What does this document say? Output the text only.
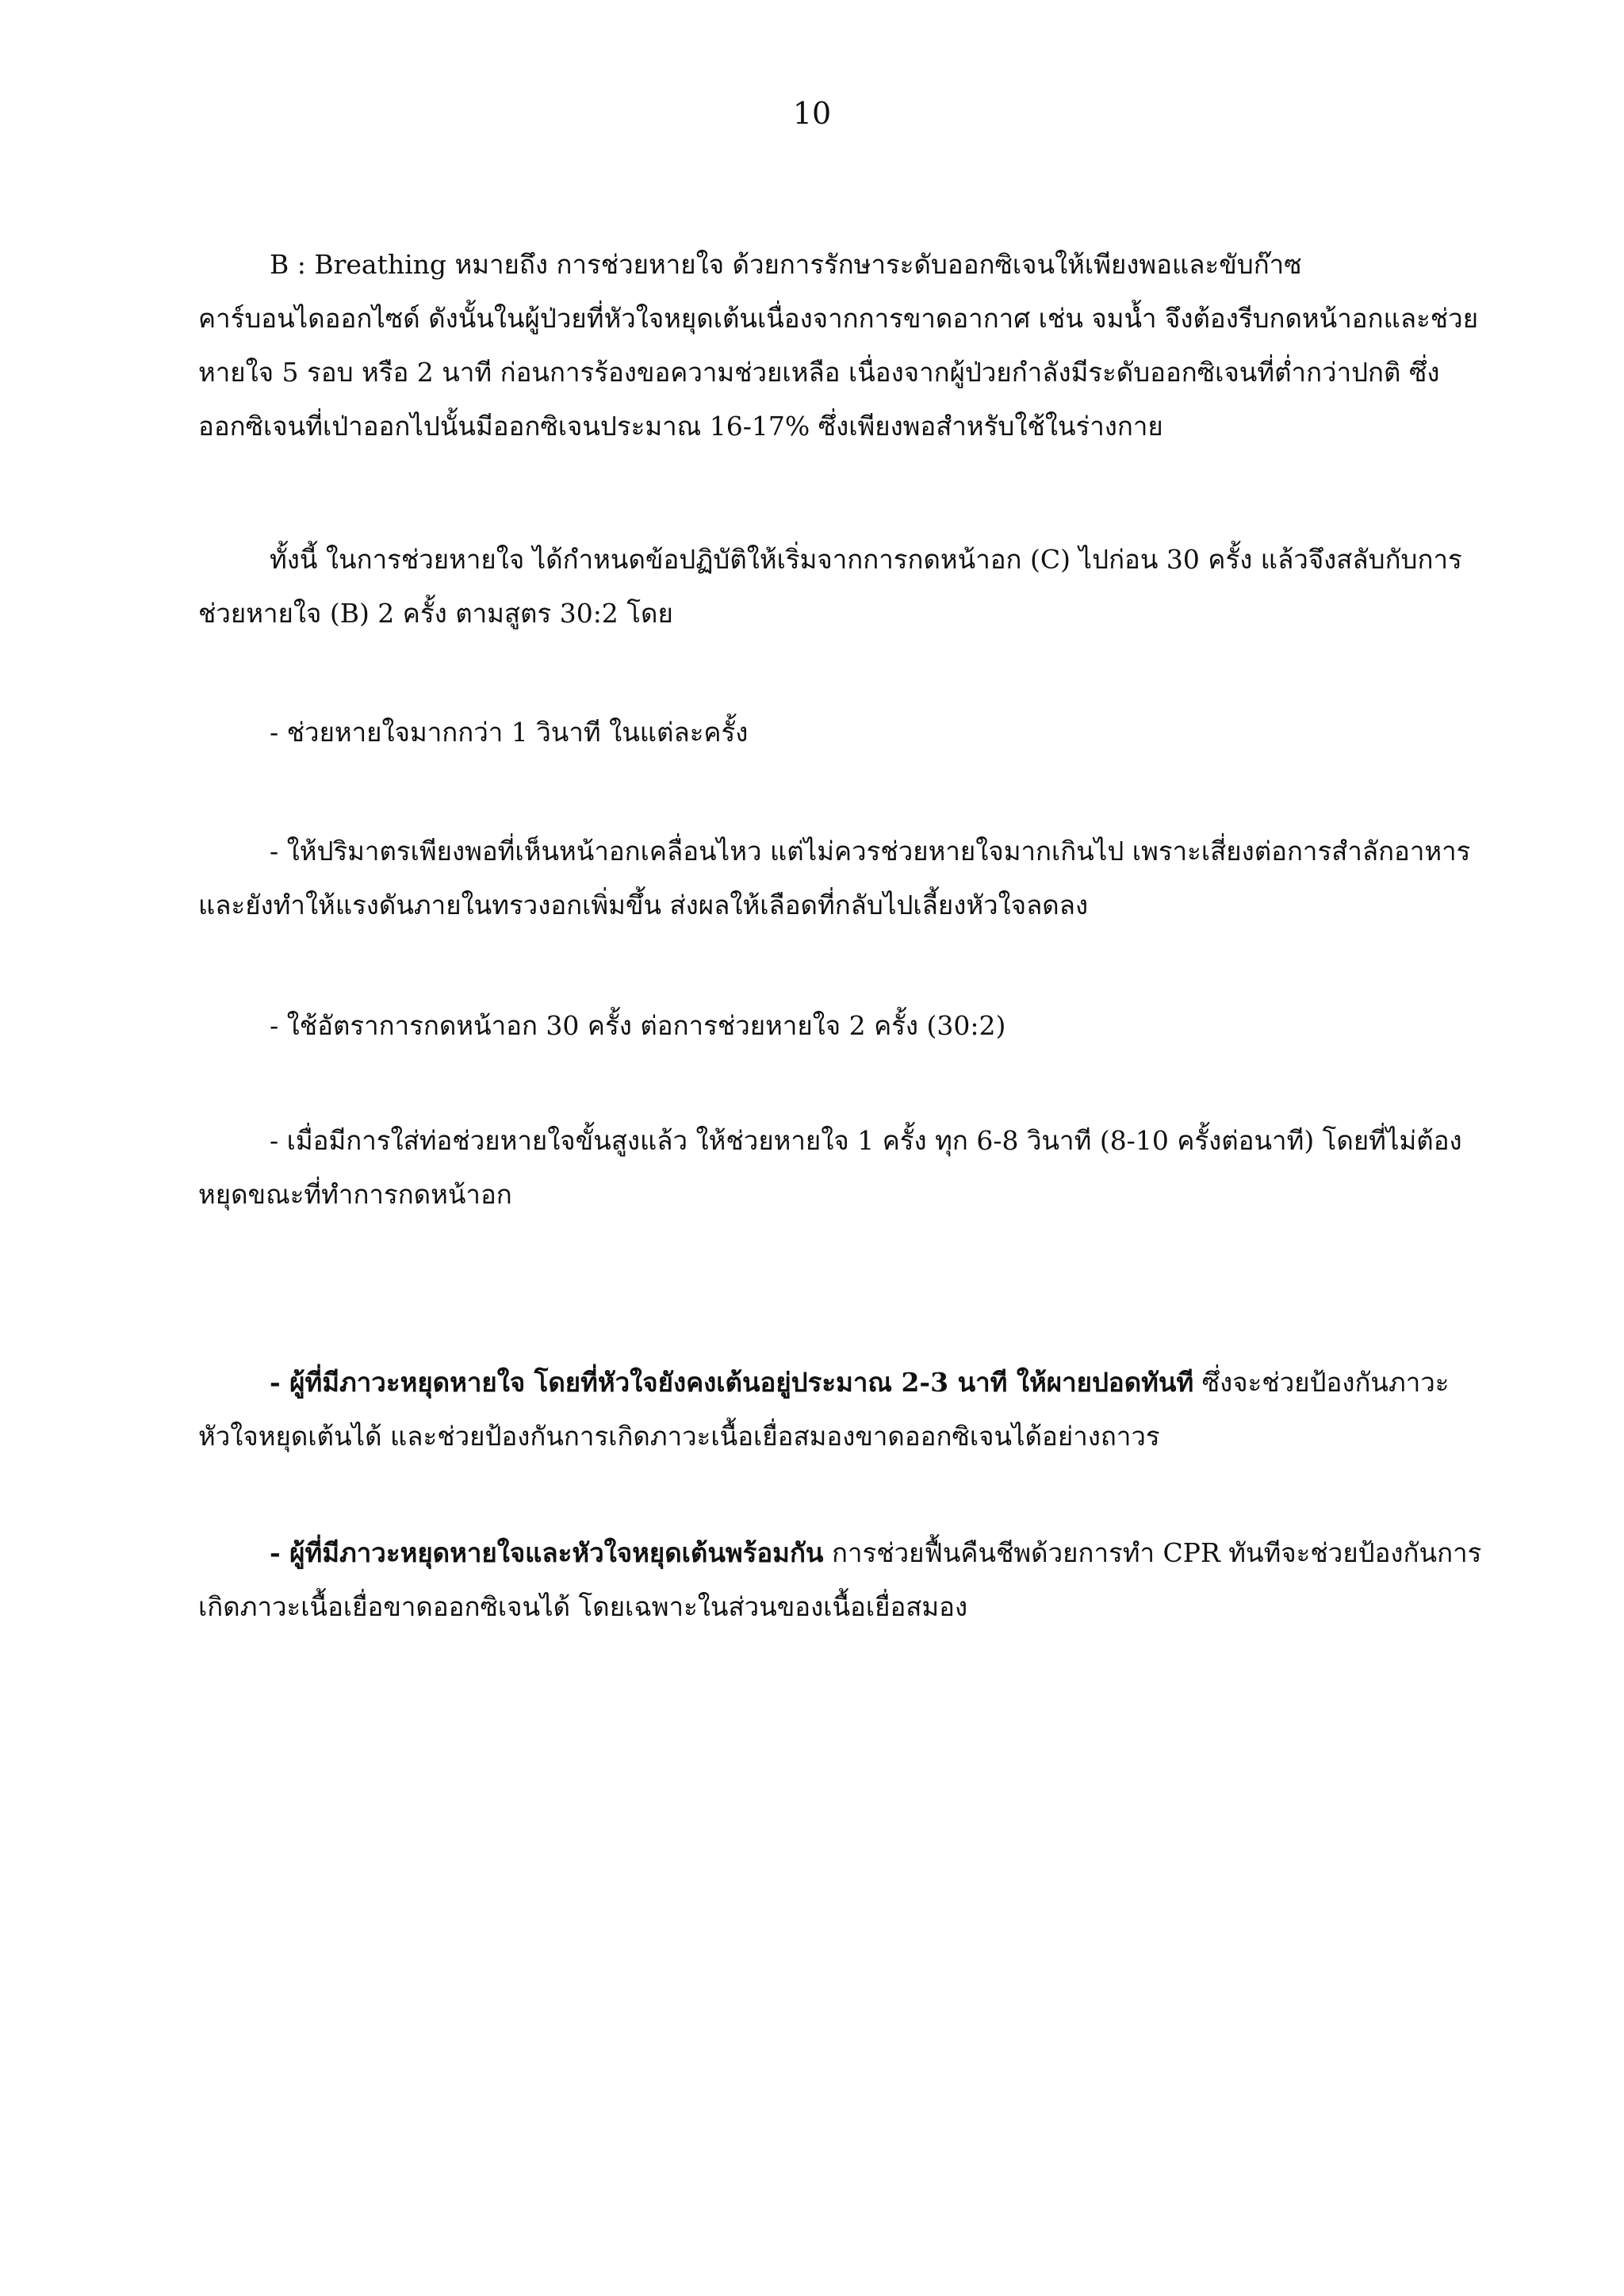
10

B : Breathing หมายถึง การช่วยหายใจ ด้วยการรักษาระดับออกซิเจนให้เพียงพอและขับก๊าซคาร์บอนไดออกไซด์ ดังนั้นในผู้ป่วยที่หัวใจหยุดเต้นเนื่องจากการขาดอากาศ เช่น จมน้ำ จึงต้องรีบกดหน้าอกและช่วยหายใจ 5 รอบ หรือ 2 นาที ก่อนการร้องขอความช่วยเหลือ เนื่องจากผู้ป่วยกำลังมีระดับออกซิเจนที่ต่ำกว่าปกติ ซึ่งออกซิเจนที่เป่าออกไปนั้นมีออกซิเจนประมาณ 16-17% ซึ่งเพียงพอสำหรับใช้ในร่างกาย

ทั้งนี้ ในการช่วยหายใจ ได้กำหนดข้อปฏิบัติให้เริ่มจากการกดหน้าอก (C) ไปก่อน 30 ครั้ง แล้วจึงสลับกับการช่วยหายใจ (B) 2 ครั้ง ตามสูตร 30:2 โดย

- ช่วยหายใจมากกว่า 1 วินาที ในแต่ละครั้ง

- ให้ปริมาตรเพียงพอที่เห็นหน้าอกเคลื่อนไหว แต่ไม่ควรช่วยหายใจมากเกินไป เพราะเสี่ยงต่อการสำลักอาหาร และยังทำให้แรงดันภายในทรวงอกเพิ่มขึ้น ส่งผลให้เลือดที่กลับไปเลี้ยงหัวใจลดลง

- ใช้อัตราการกดหน้าอก 30 ครั้ง ต่อการช่วยหายใจ 2 ครั้ง (30:2)

- เมื่อมีการใส่ท่อช่วยหายใจขั้นสูงแล้ว ให้ช่วยหายใจ 1 ครั้ง ทุก 6-8 วินาที (8-10 ครั้งต่อนาที) โดยที่ไม่ต้องหยุดขณะที่ทำการกดหน้าอก

- ผู้ที่มีภาวะหยุดหายใจ โดยที่หัวใจยังคงเต้นอยู่ประมาณ 2-3 นาที ให้ผายปอดทันที ซึ่งจะช่วยป้องกันภาวะหัวใจหยุดเต้นได้ และช่วยป้องกันการเกิดภาวะเนื้อเยื่อสมองขาดออกซิเจนได้อย่างถาวร

- ผู้ที่มีภาวะหยุดหายใจและหัวใจหยุดเต้นพร้อมกัน การช่วยฟื้นคืนชีพด้วยการทำ CPR ทันทีจะช่วยป้องกันการเกิดภาวะเนื้อเยื่อขาดออกซิเจนได้ โดยเฉพาะในส่วนของเนื้อเยื่อสมอง
